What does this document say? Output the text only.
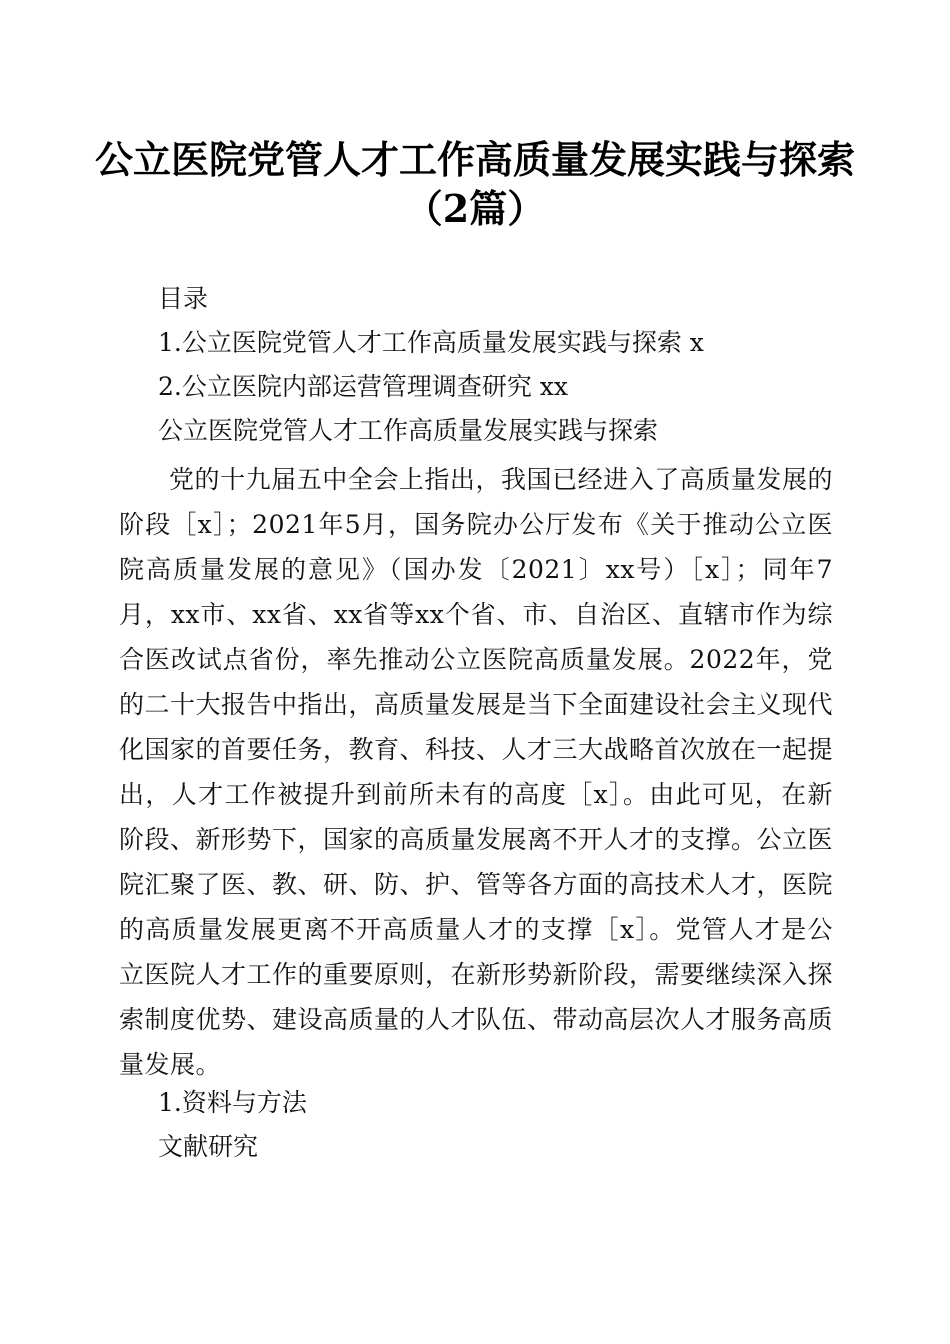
公立医院党管人才工作高质量发展实践与探索
（2篇）
目录
1.公立医院党管人才工作高质量发展实践与探索 x
2.公立医院内部运营管理调查研究 xx
公立医院党管人才工作高质量发展实践与探索
党的十九届五中全会上指出，我国已经进入了高质量发展的阶段［x］；2021年5月，国务院办公厅发布《关于推动公立医院高质量发展的意见》（国办发〔2021〕xx号）［x］；同年7月，xx市、xx省、xx省等xx个省、市、自治区、直辖市作为综合医改试点省份，率先推动公立医院高质量发展。2022年，党的二十大报告中指出，高质量发展是当下全面建设社会主义现代化国家的首要任务，教育、科技、人才三大战略首次放在一起提出，人才工作被提升到前所未有的高度［x］。由此可见，在新阶段、新形势下，国家的高质量发展离不开人才的支撑。公立医院汇聚了医、教、研、防、护、管等各方面的高技术人才，医院的高质量发展更离不开高质量人才的支撑［x］。党管人才是公立医院人才工作的重要原则，在新形势新阶段，需要继续深入探索制度优势、建设高质量的人才队伍、带动高层次人才服务高质量发展。
1.资料与方法
文献研究
